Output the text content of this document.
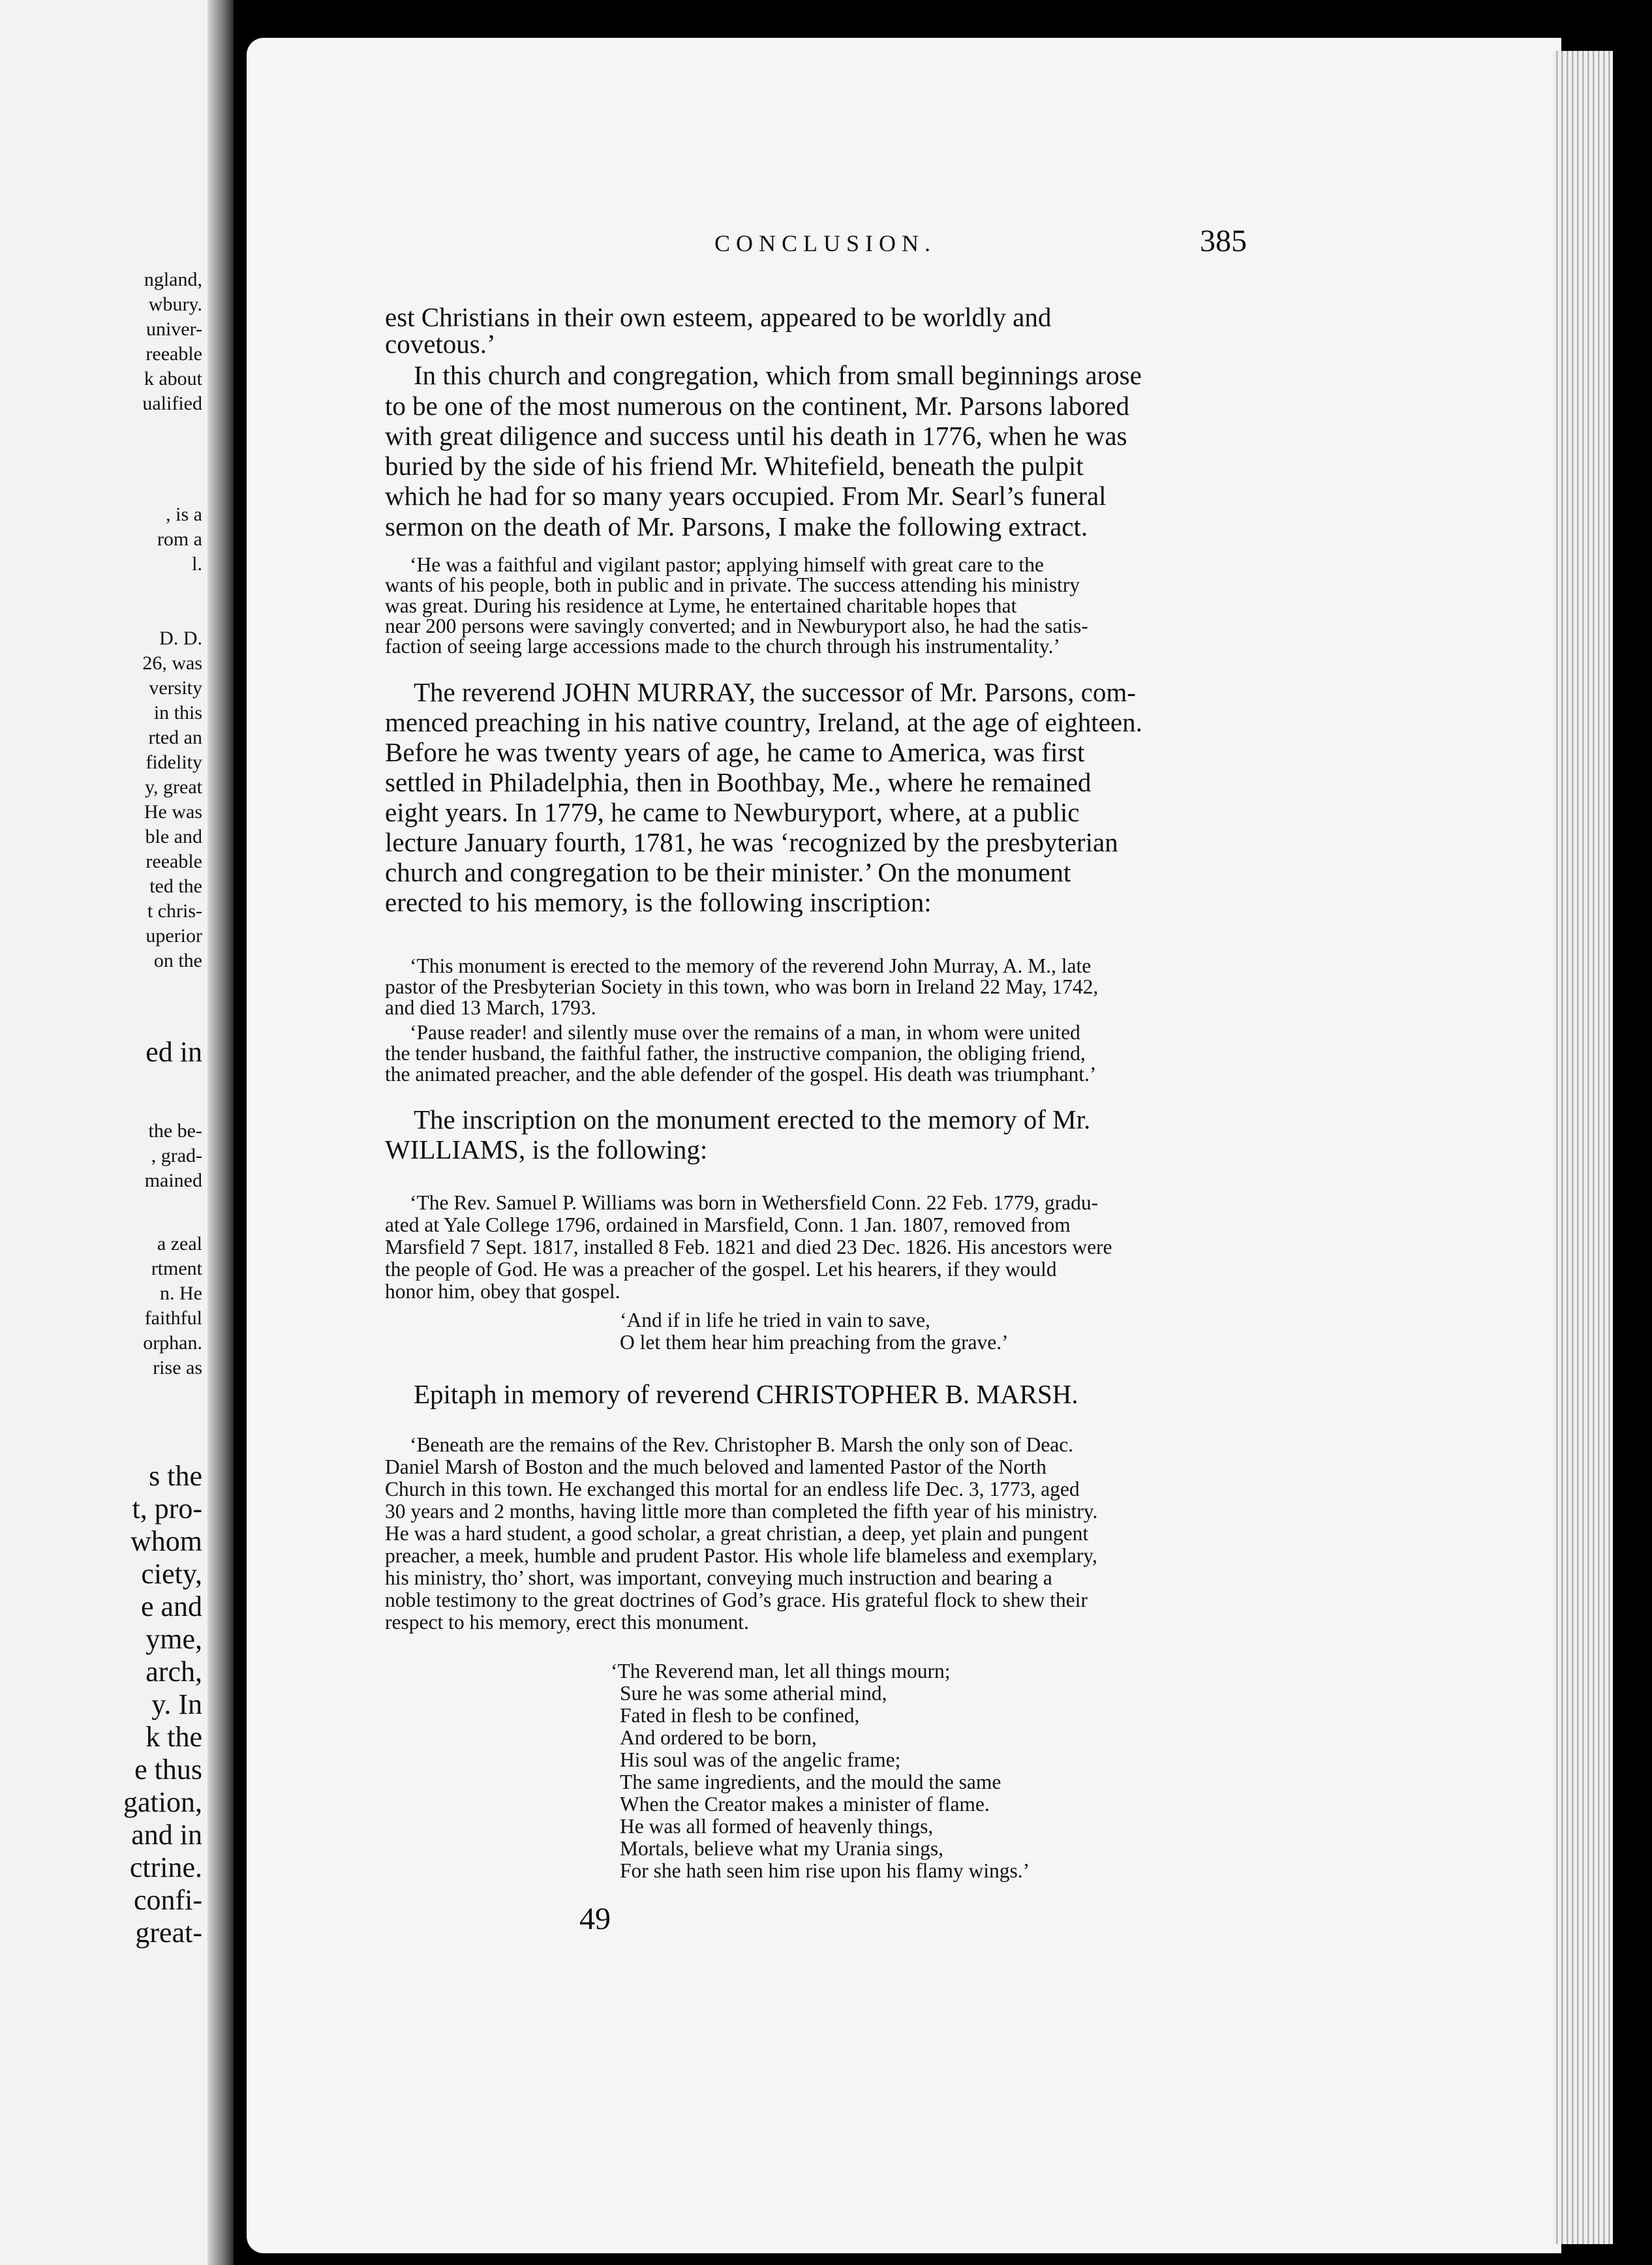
ngland,
wbury.
univer-
reeable
k about
ualified
, is a
rom a
l.
D. D.
26, was
versity
in this
rted an
fidelity
y, great
He was
ble and
reeable
ted the
t chris-
uperior
on the
ed in
the be-
, grad-
mained
a zeal
rtment
n. He
faithful
orphan.
rise as
s the
t, pro-
whom
ciety,
e and
yme,
arch,
y. In
k the
e thus
gation,
and in
ctrine.
confi-
great-
CONCLUSION.	385
est Christians in their own esteem, appeared to be worldly and
covetous.’
In this church and congregation, which from small beginnings arose
to be one of the most numerous on the continent, Mr. Parsons labored
with great diligence and success until his death in 1776, when he was
buried by the side of his friend Mr. Whitefield, beneath the pulpit
which he had for so many years occupied. From Mr. Searl’s funeral
sermon on the death of Mr. Parsons, I make the following extract.
‘He was a faithful and vigilant pastor; applying himself with great care to the
wants of his people, both in public and in private. The success attending his ministry
was great. During his residence at Lyme, he entertained charitable hopes that
near 200 persons were savingly converted; and in Newburyport also, he had the satis-
faction of seeing large accessions made to the church through his instrumentality.’
The reverend JOHN MURRAY, the successor of Mr. Parsons, com-
menced preaching in his native country, Ireland, at the age of eighteen.
Before he was twenty years of age, he came to America, was first
settled in Philadelphia, then in Boothbay, Me., where he remained
eight years. In 1779, he came to Newburyport, where, at a public
lecture January fourth, 1781, he was ‘recognized by the presbyterian
church and congregation to be their minister.’ On the monument
erected to his memory, is the following inscription:
‘This monument is erected to the memory of the reverend John Murray, A. M., late
pastor of the Presbyterian Society in this town, who was born in Ireland 22 May, 1742,
and died 13 March, 1793.
‘Pause reader! and silently muse over the remains of a man, in whom were united
the tender husband, the faithful father, the instructive companion, the obliging friend,
the animated preacher, and the able defender of the gospel. His death was triumphant.’
The inscription on the monument erected to the memory of Mr.
WILLIAMS, is the following:
‘The Rev. Samuel P. Williams was born in Wethersfield Conn. 22 Feb. 1779, gradu-
ated at Yale College 1796, ordained in Marsfield, Conn. 1 Jan. 1807, removed from
Marsfield 7 Sept. 1817, installed 8 Feb. 1821 and died 23 Dec. 1826. His ancestors were
the people of God. He was a preacher of the gospel. Let his hearers, if they would
honor him, obey that gospel.
‘And if in life he tried in vain to save,
O let them hear him preaching from the grave.’
Epitaph in memory of reverend CHRISTOPHER B. MARSH.
‘Beneath are the remains of the Rev. Christopher B. Marsh the only son of Deac.
Daniel Marsh of Boston and the much beloved and lamented Pastor of the North
Church in this town. He exchanged this mortal for an endless life Dec. 3, 1773, aged
30 years and 2 months, having little more than completed the fifth year of his ministry.
He was a hard student, a good scholar, a great christian, a deep, yet plain and pungent
preacher, a meek, humble and prudent Pastor. His whole life blameless and exemplary,
his ministry, tho’ short, was important, conveying much instruction and bearing a
noble testimony to the great doctrines of God’s grace. His grateful flock to shew their
respect to his memory, erect this monument.
‘The Reverend man, let all things mourn;
Sure he was some atherial mind,
Fated in flesh to be confined,
And ordered to be born,
His soul was of the angelic frame;
The same ingredients, and the mould the same
When the Creator makes a minister of flame.
He was all formed of heavenly things,
Mortals, believe what my Urania sings,
For she hath seen him rise upon his flamy wings.’
49
